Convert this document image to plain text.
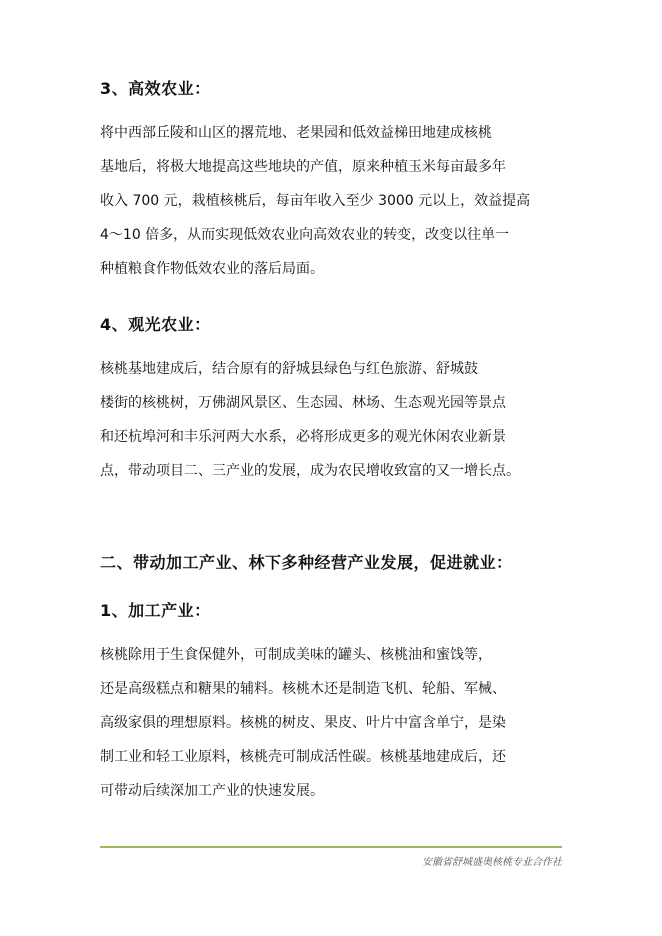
3、高效农业：
将中西部丘陵和山区的撂荒地、老果园和低效益梯田地建成核桃
基地后，将极大地提高这些地块的产值，原来种植玉米每亩最多年
收入 700 元，栽植核桃后，每亩年收入至少 3000 元以上，效益提高
4～10 倍多，从而实现低效农业向高效农业的转变，改变以往单一
种植粮食作物低效农业的落后局面。
4、观光农业：
核桃基地建成后，结合原有的舒城县绿色与红色旅游、舒城鼓
楼街的核桃树，万佛湖风景区、生态园、林场、生态观光园等景点
和还杭埠河和丰乐河两大水系，必将形成更多的观光休闲农业新景
点，带动项目二、三产业的发展，成为农民增收致富的又一增长点。
二、带动加工产业、林下多种经营产业发展，促进就业：
1、加工产业：
核桃除用于生食保健外，可制成美味的罐头、核桃油和蜜饯等，
还是高级糕点和糖果的辅料。核桃木还是制造飞机、轮船、军械、
高级家俱的理想原料。核桃的树皮、果皮、叶片中富含单宁，是染
制工业和轻工业原料，核桃壳可制成活性碳。核桃基地建成后，还
可带动后续深加工产业的快速发展。
安徽省舒城盛奥核桃专业合作社
